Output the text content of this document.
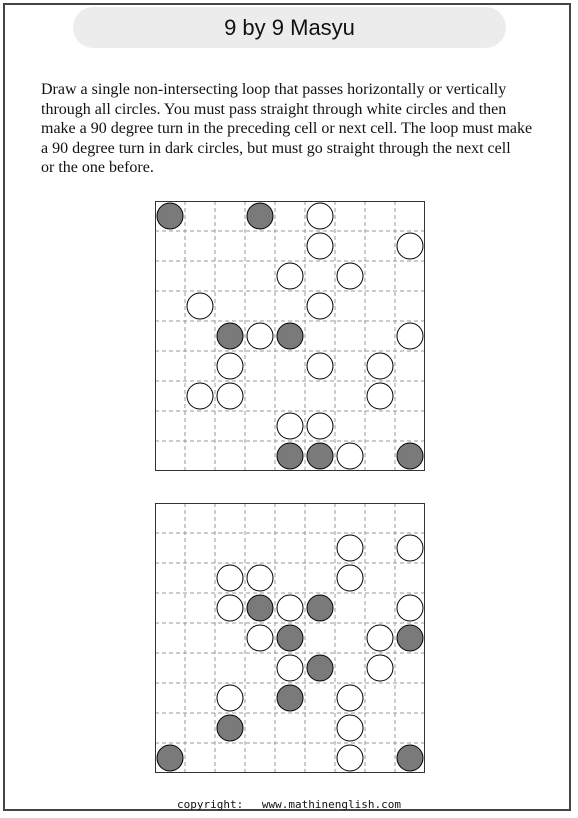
9 by 9 Masyu
Draw a single non-intersecting loop that passes horizontally or vertically
through all circles. You must pass straight through white circles and then
make a 90 degree turn in the preceding cell or next cell. The loop must make
a 90 degree turn in dark circles, but must go straight through the next cell
or the one before.
copyright: www.mathinenglish.com
